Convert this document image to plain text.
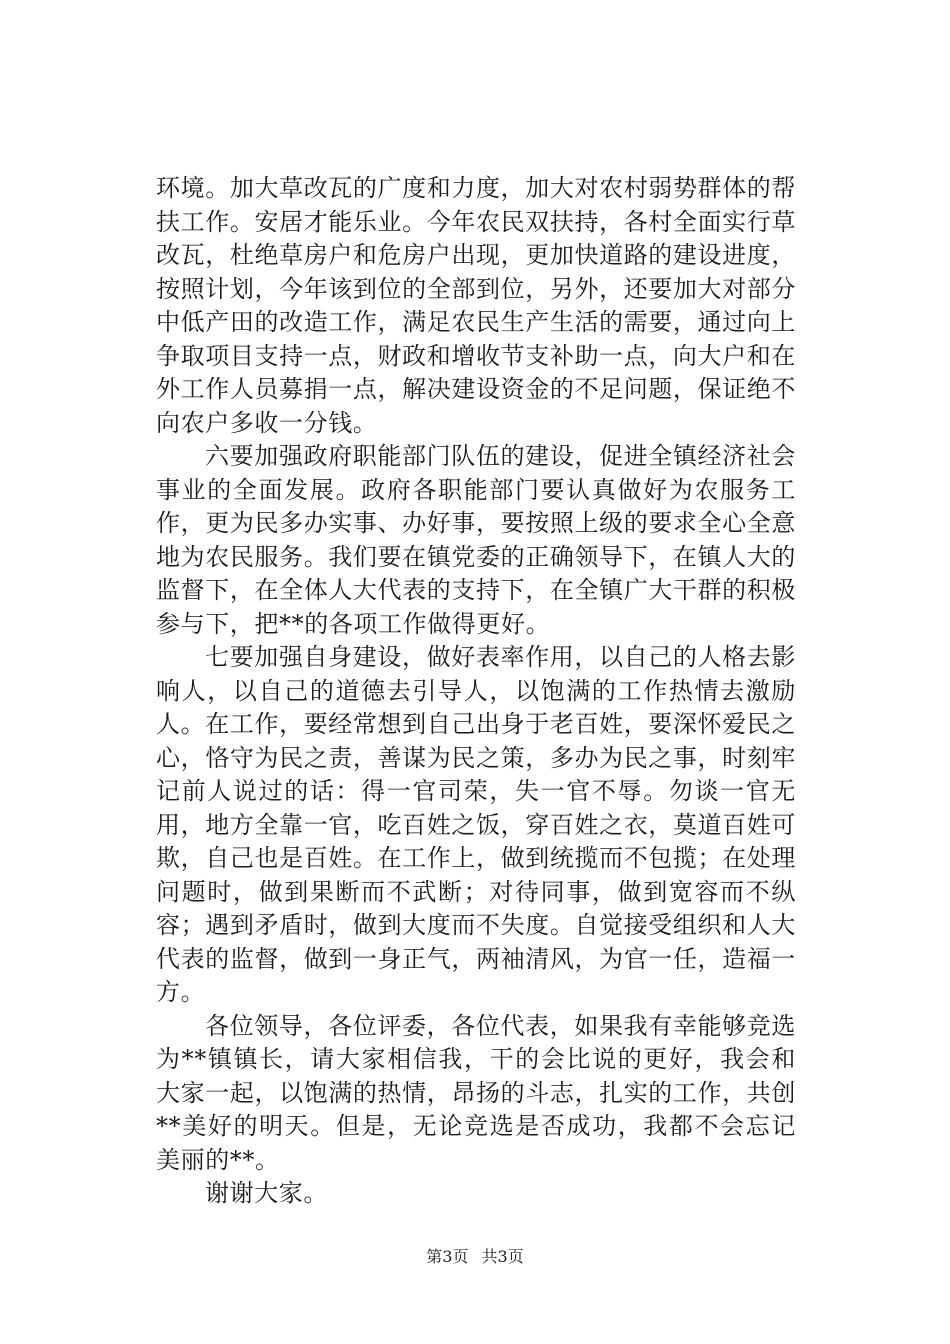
环境。加大草改瓦的广度和力度，加大对农村弱势群体的帮扶工作。安居才能乐业。今年农民双扶持，各村全面实行草改瓦，杜绝草房户和危房户出现，更加快道路的建设进度，按照计划，今年该到位的全部到位，另外，还要加大对部分中低产田的改造工作，满足农民生产生活的需要，通过向上争取项目支持一点，财政和增收节支补助一点，向大户和在外工作人员募捐一点，解决建设资金的不足问题，保证绝不向农户多收一分钱。

六要加强政府职能部门队伍的建设，促进全镇经济社会事业的全面发展。政府各职能部门要认真做好为农服务工作，更为民多办实事、办好事，要按照上级的要求全心全意地为农民服务。我们要在镇党委的正确领导下，在镇人大的监督下，在全体人大代表的支持下，在全镇广大干群的积极参与下，把**的各项工作做得更好。

七要加强自身建设，做好表率作用，以自己的人格去影响人，以自己的道德去引导人，以饱满的工作热情去激励人。在工作，要经常想到自己出身于老百姓，要深怀爱民之心，恪守为民之责，善谋为民之策，多办为民之事，时刻牢记前人说过的话：得一官司荣，失一官不辱。勿谈一官无用，地方全靠一官，吃百姓之饭，穿百姓之衣，莫道百姓可欺，自己也是百姓。在工作上，做到统揽而不包揽；在处理问题时，做到果断而不武断；对待同事，做到宽容而不纵容；遇到矛盾时，做到大度而不失度。自觉接受组织和人大代表的监督，做到一身正气，两袖清风，为官一任，造福一方。

各位领导，各位评委，各位代表，如果我有幸能够竞选为**镇镇长，请大家相信我，干的会比说的更好，我会和大家一起，以饱满的热情，昂扬的斗志，扎实的工作，共创**美好的明天。但是，无论竞选是否成功，我都不会忘记美丽的**。

谢谢大家。

第3页 共3页
